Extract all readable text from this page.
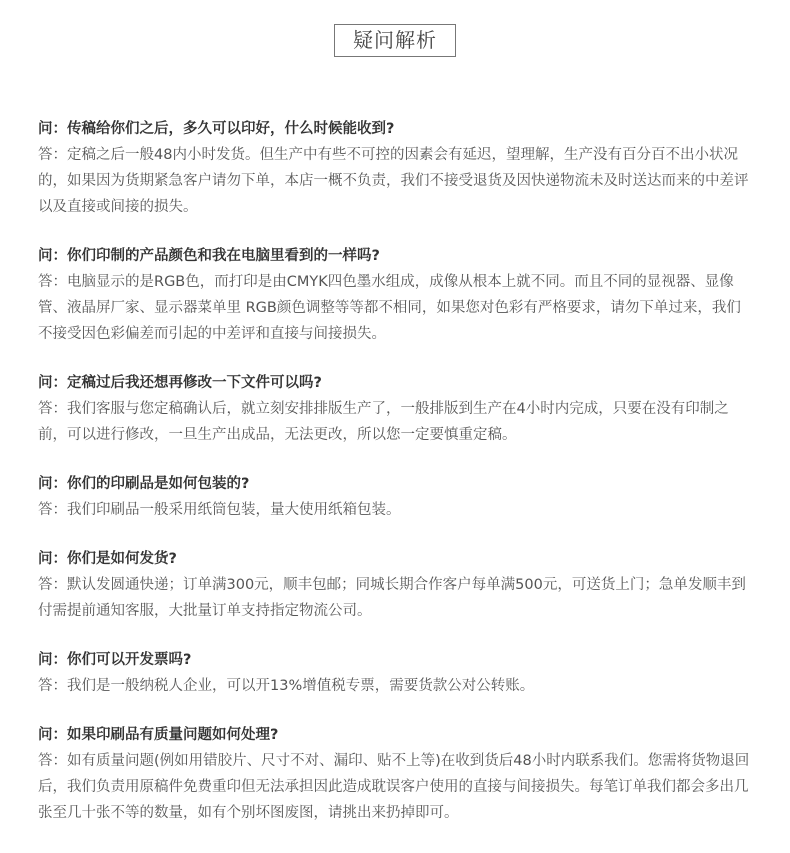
疑问解析
问：传稿给你们之后，多久可以印好，什么时候能收到?
答：定稿之后一般48内小时发货。但生产中有些不可控的因素会有延迟，望理解，生产没有百分百不出小状况的，如果因为货期紧急客户请勿下单，本店一概不负责，我们不接受退货及因快递物流未及时送达而来的中差评以及直接或间接的损失。
问：你们印制的产品颜色和我在电脑里看到的一样吗?
答：电脑显示的是RGB色，而打印是由CMYK四色墨水组成，成像从根本上就不同。而且不同的显视器、显像管、液晶屏厂家、显示器菜单里 RGB颜色调整等等都不相同，如果您对色彩有严格要求，请勿下单过来，我们不接受因色彩偏差而引起的中差评和直接与间接损失。
问：定稿过后我还想再修改一下文件可以吗?
答：我们客服与您定稿确认后，就立刻安排排版生产了，一般排版到生产在4小时内完成，只要在没有印制之前，可以进行修改，一旦生产出成品，无法更改，所以您一定要慎重定稿。
问：你们的印刷品是如何包装的?
答：我们印刷品一般采用纸筒包装，量大使用纸箱包装。
问：你们是如何发货?
答：默认发圆通快递；订单满300元，顺丰包邮；同城长期合作客户每单满500元，可送货上门；急单发顺丰到付需提前通知客服，大批量订单支持指定物流公司。
问：你们可以开发票吗?
答：我们是一般纳税人企业，可以开13%增值税专票，需要货款公对公转账。
问：如果印刷品有质量问题如何处理?
答：如有质量问题(例如用错胶片、尺寸不对、漏印、贴不上等)在收到货后48小时内联系我们。您需将货物退回后，我们负责用原稿件免费重印但无法承担因此造成耽误客户使用的直接与间接损失。每笔订单我们都会多出几张至几十张不等的数量，如有个别坏图废图，请挑出来扔掉即可。
